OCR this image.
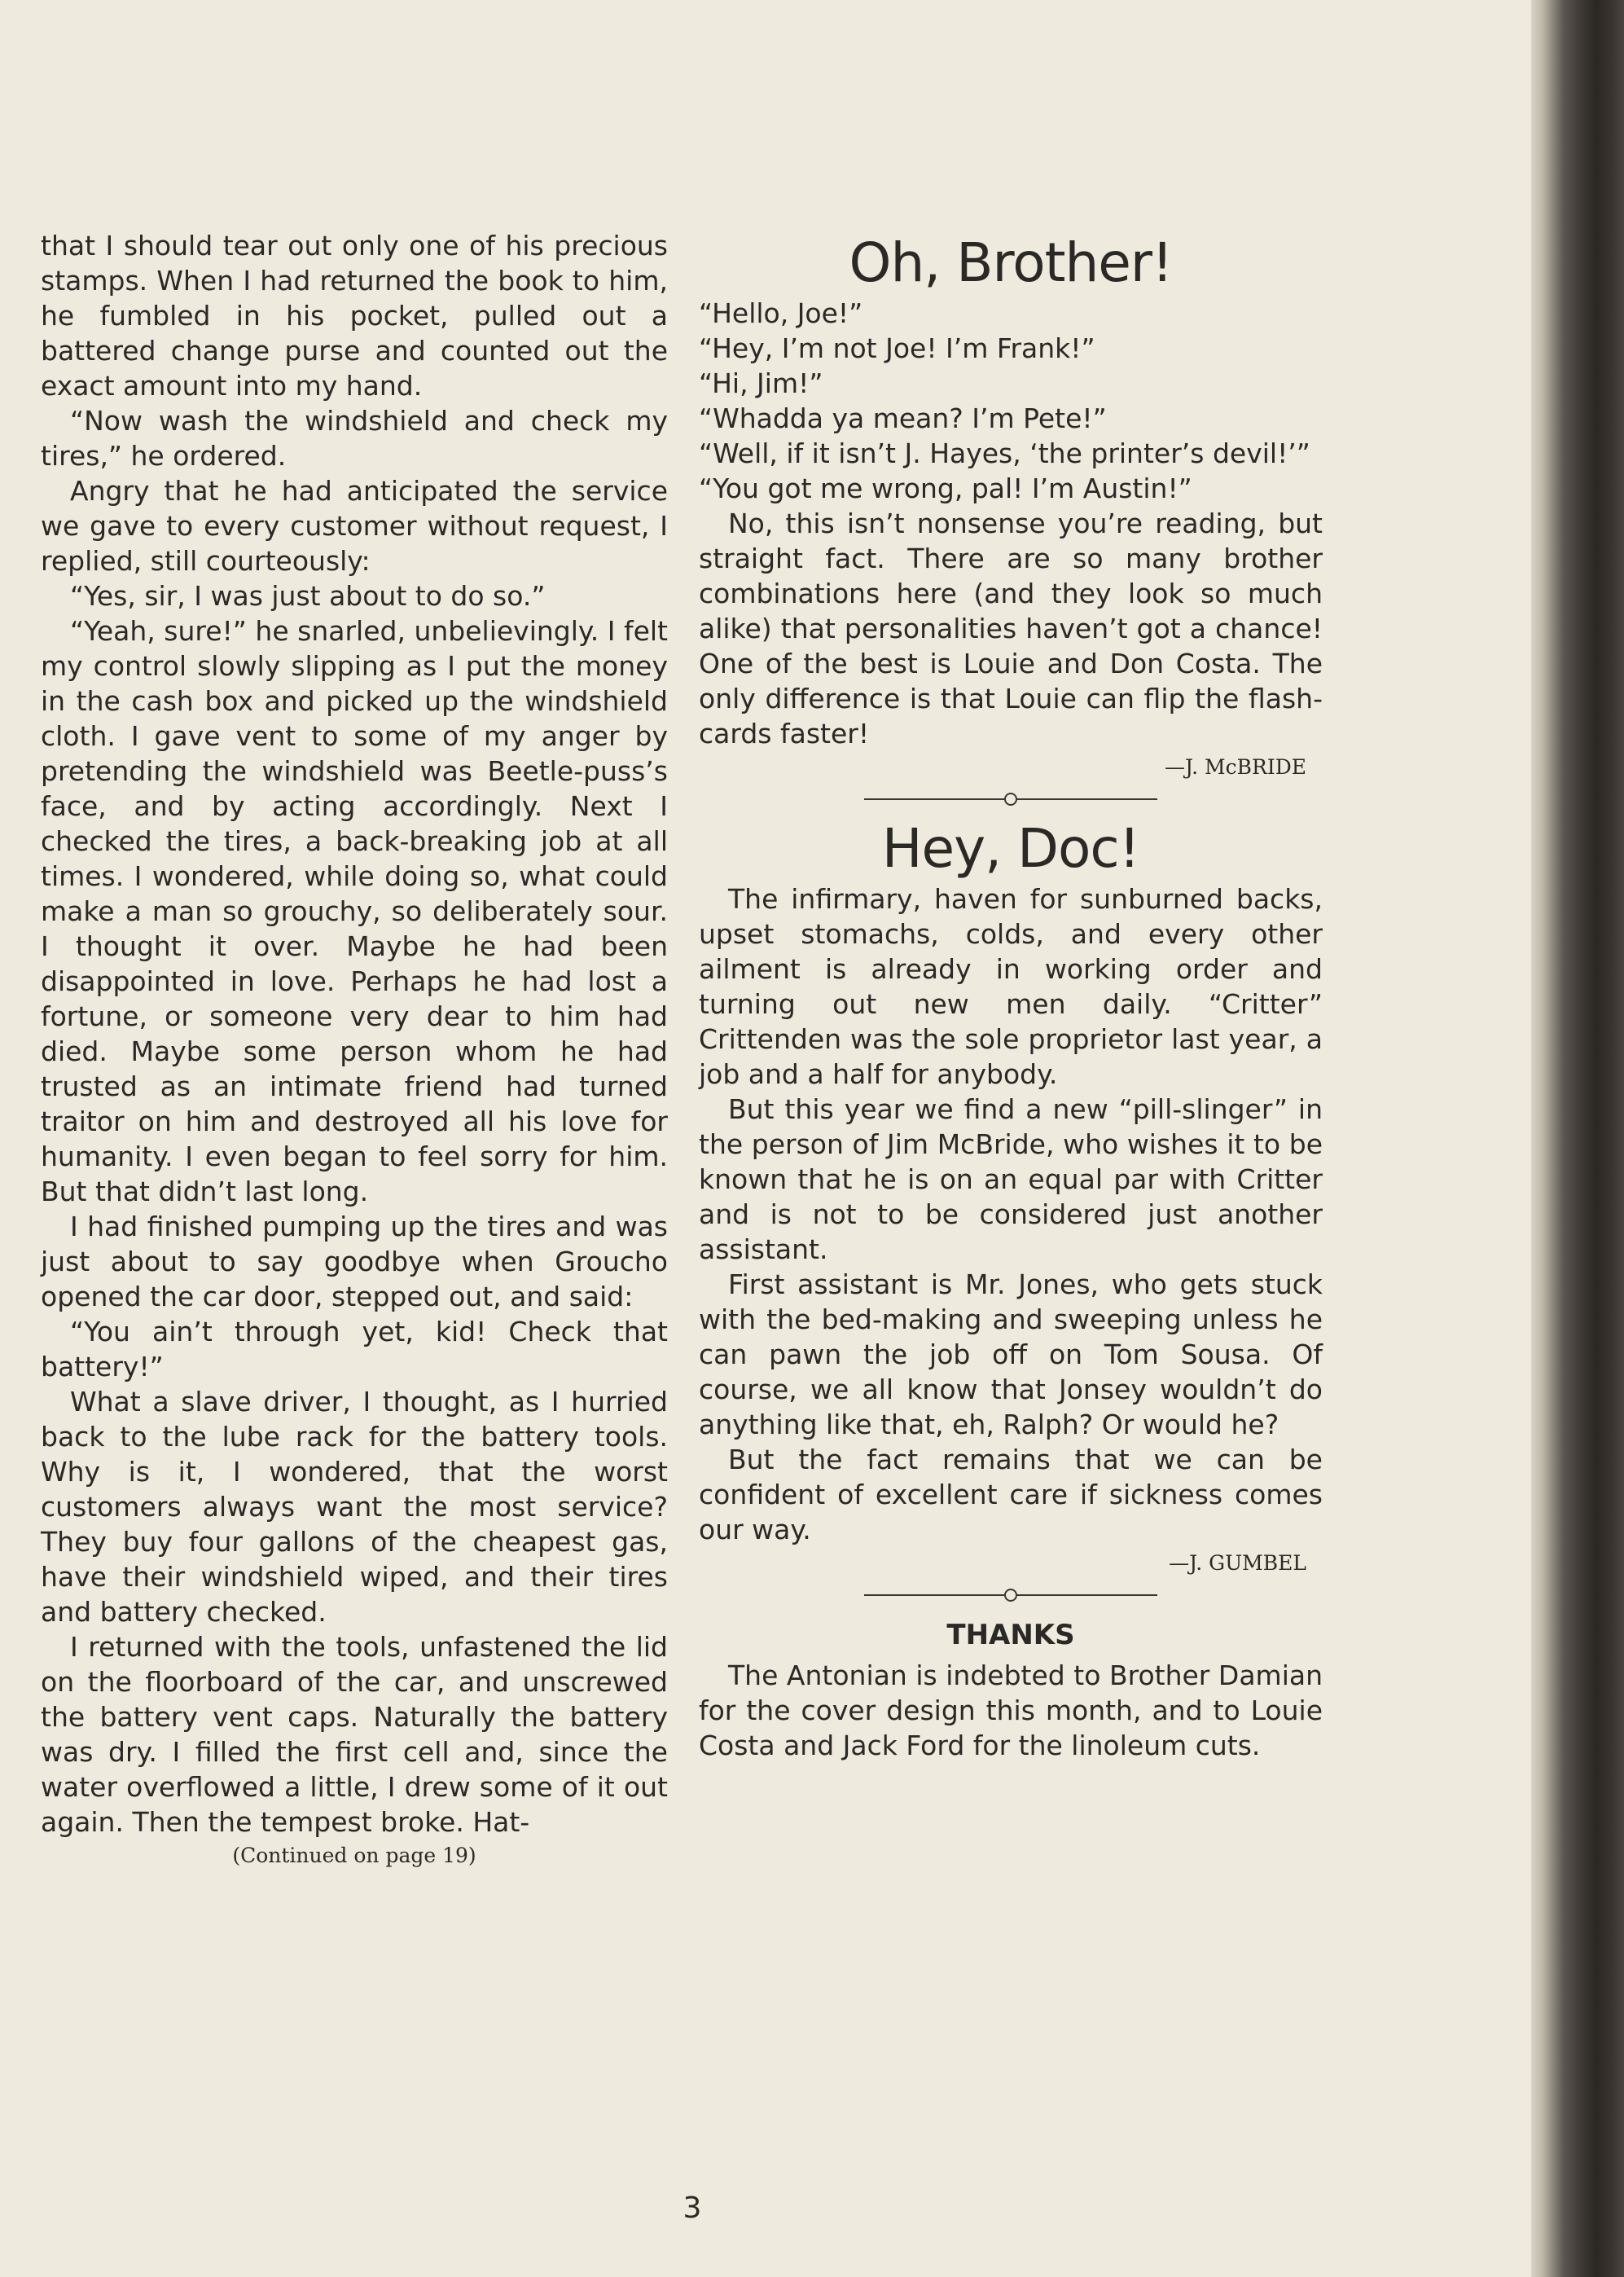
that I should tear out only one of his precious stamps. When I had returned the book to him, he fumbled in his pocket, pulled out a battered change purse and counted out the exact amount into my hand.

“Now wash the windshield and check my tires,” he ordered.

Angry that he had anticipated the service we gave to every customer without request, I replied, still courteously:

“Yes, sir, I was just about to do so.”

“Yeah, sure!” he snarled, unbelievingly. I felt my control slowly slipping as I put the money in the cash box and picked up the windshield cloth. I gave vent to some of my anger by pretending the windshield was Beetle-puss’s face, and by acting accordingly. Next I checked the tires, a back-breaking job at all times. I wondered, while doing so, what could make a man so grouchy, so deliberately sour. I thought it over. Maybe he had been disappointed in love. Perhaps he had lost a fortune, or someone very dear to him had died. Maybe some person whom he had trusted as an intimate friend had turned traitor on him and destroyed all his love for humanity. I even began to feel sorry for him. But that didn’t last long.

I had finished pumping up the tires and was just about to say goodbye when Groucho opened the car door, stepped out, and said:

“You ain’t through yet, kid! Check that battery!”

What a slave driver, I thought, as I hurried back to the lube rack for the battery tools. Why is it, I wondered, that the worst customers always want the most service? They buy four gallons of the cheapest gas, have their windshield wiped, and their tires and battery checked.

I returned with the tools, unfastened the lid on the floorboard of the car, and unscrewed the battery vent caps. Naturally the battery was dry. I filled the first cell and, since the water overflowed a little, I drew some of it out again. Then the tempest broke. Hat-

(Continued on page 19)

Oh, Brother!

“Hello, Joe!”

“Hey, I’m not Joe! I’m Frank!”

“Hi, Jim!”

“Whadda ya mean? I’m Pete!”

“Well, if it isn’t J. Hayes, ‘the printer’s devil!’”

“You got me wrong, pal! I’m Austin!”

No, this isn’t nonsense you’re reading, but straight fact. There are so many brother combinations here (and they look so much alike) that personalities haven’t got a chance! One of the best is Louie and Don Costa. The only difference is that Louie can flip the flash-cards faster!

—J. McBRIDE

Hey, Doc!

The infirmary, haven for sunburned backs, upset stomachs, colds, and every other ailment is already in working order and turning out new men daily. “Critter” Crittenden was the sole proprietor last year, a job and a half for anybody.

But this year we find a new “pill-slinger” in the person of Jim McBride, who wishes it to be known that he is on an equal par with Critter and is not to be considered just another assistant.

First assistant is Mr. Jones, who gets stuck with the bed-making and sweeping unless he can pawn the job off on Tom Sousa. Of course, we all know that Jonsey wouldn’t do anything like that, eh, Ralph? Or would he?

But the fact remains that we can be confident of excellent care if sickness comes our way.

—J. GUMBEL

THANKS

The Antonian is indebted to Brother Damian for the cover design this month, and to Louie Costa and Jack Ford for the linoleum cuts.

3
